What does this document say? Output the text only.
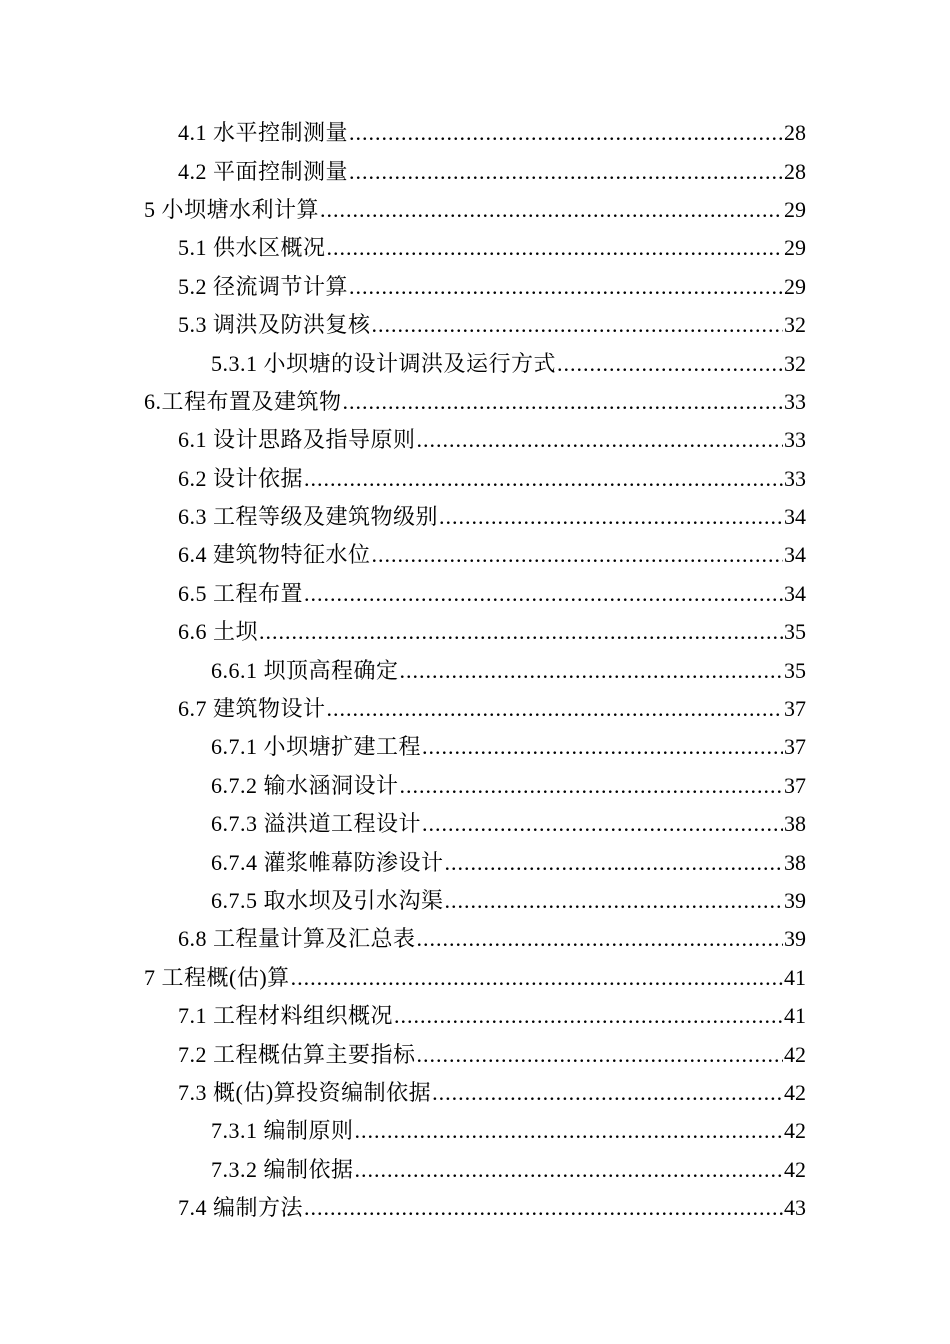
4.1 水平控制测量 .....	28
4.2 平面控制测量 .....	28
5 小坝塘水利计算 .....	29
5.1 供水区概况 .....	29
5.2 径流调节计算 .....	29
5.3 调洪及防洪复核 .....	32
5.3.1 小坝塘的设计调洪及运行方式 .....	32
6.工程布置及建筑物 .....	33
6.1 设计思路及指导原则 .....	33
6.2 设计依据 .....	33
6.3 工程等级及建筑物级别 .....	34
6.4 建筑物特征水位 .....	34
6.5 工程布置 .....	34
6.6 土坝 .....	35
6.6.1 坝顶高程确定 .....	35
6.7 建筑物设计 .....	37
6.7.1 小坝塘扩建工程 .....	37
6.7.2 输水涵洞设计 .....	37
6.7.3 溢洪道工程设计 .....	38
6.7.4 灌浆帷幕防渗设计 .....	38
6.7.5 取水坝及引水沟渠 .....	39
6.8 工程量计算及汇总表 .....	39
7 工程概(估)算 .....	41
7.1 工程材料组织概况 .....	41
7.2 工程概估算主要指标 .....	42
7.3 概(估)算投资编制依据 .....	42
7.3.1 编制原则 .....	42
7.3.2 编制依据 .....	42
7.4 编制方法 .....	43
